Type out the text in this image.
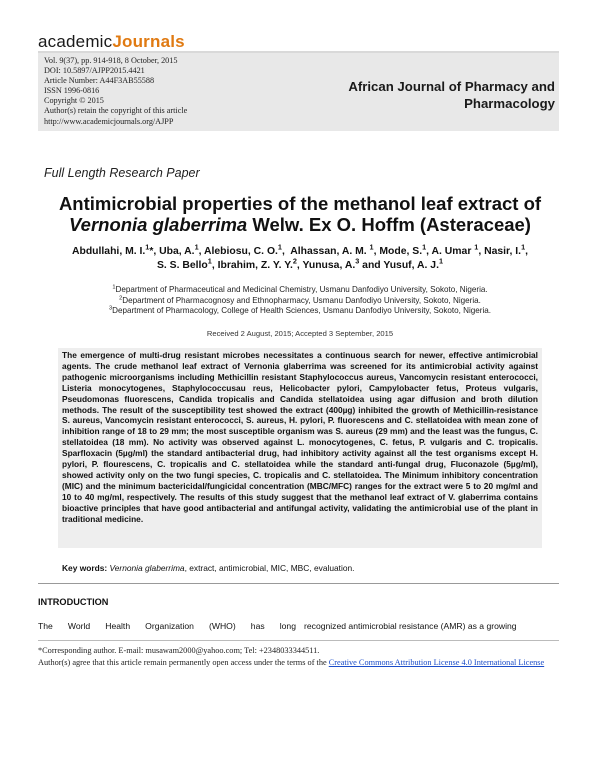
academicJournals
Vol. 9(37), pp. 914-918, 8 October, 2015
DOI: 10.5897/AJPP2015.4421
Article Number: A44F3AB55588
ISSN 1996-0816
Copyright © 2015
Author(s) retain the copyright of this article
http://www.academicjournals.org/AJPP
African Journal of Pharmacy and
Pharmacology
Full Length Research Paper
Antimicrobial properties of the methanol leaf extract of
Vernonia glaberrima Welw. Ex O. Hoffm (Asteraceae)
Abdullahi, M. I.$^1$*, Uba, A.$^1$, Alebiosu, C. O.$^1$,  Alhassan, A. M. $^1$, Mode, S.$^1$, A. Umar $^1$, Nasir, I.$^1$,
S. S. Bello$^1$, Ibrahim, Z. Y. Y.$^2$, Yunusa, A.$^3$ and Yusuf, A. J.$^1$
$^1$Department of Pharmaceutical and Medicinal Chemistry, Usmanu Danfodiyo University, Sokoto, Nigeria.
$^2$Department of Pharmacognosy and Ethnopharmacy, Usmanu Danfodiyo University, Sokoto, Nigeria.
$^3$Department of Pharmacology, College of Health Sciences, Usmanu Danfodiyo University, Sokoto, Nigeria.
Received 2 August, 2015; Accepted 3 September, 2015
The emergence of multi-drug resistant microbes necessitates a continuous search for newer, effective antimicrobial agents. The crude methanol leaf extract of Vernonia glaberrima was screened for its antimicrobial activity against pathogenic microorganisms including Methicillin resistant Staphylococcus aureus, Vancomycin resistant enterococci, Listeria monocytogenes, Staphylococcusau reus, Helicobacter pylori, Campylobacter fetus, Proteus vulgaris, Pseudomonas fluorescens, Candida tropicalis and Candida stellatoidea using agar diffusion and broth dilution methods. The result of the susceptibility test showed the extract (400µg) inhibited the growth of Methicillin-resistance S. aureus, Vancomycin resistant enterococci, S. aureus, H. pylori, P. fluorescens and C. stellatoidea with mean zone of inhibition range of 18 to 29 mm; the most susceptible organism was S. aureus (29 mm) and the least was the fungus, C. stellatoidea (18 mm). No activity was observed against L. monocytogenes, C. fetus, P. vulgaris and C. tropicalis. Sparfloxacin (5µg/ml) the standard antibacterial drug, had inhibitory activity against all the test organisms except H. pylori, P. flourescens, C. tropicalis and C. stellatoidea while the standard anti-fungal drug, Fluconazole (5µg/ml), showed activity only on the two fungi species, C. tropicalis and C. stellatoidea. The Minimum inhibitory concentration (MIC) and the minimum bactericidal/fungicidal concentration (MBC/MFC) ranges for the extract were 5 to 20 mg/ml and 10 to 40 mg/ml, respectively. The results of this study suggest that the methanol leaf extract of V. glaberrima contains bioactive principles that have good antibacterial and antifungal activity, validating the antimicrobial use of the plant in traditional medicine.
Key words: Vernonia glaberrima, extract, antimicrobial, MIC, MBC, evaluation.
INTRODUCTION
The World Health Organization (WHO) has long recognized antimicrobial resistance (AMR) as a growing
*Corresponding author. E-mail: musawam2000@yahoo.com; Tel: +2348033344511.
Author(s) agree that this article remain permanently open access under the terms of the Creative Commons Attribution License 4.0 International License
